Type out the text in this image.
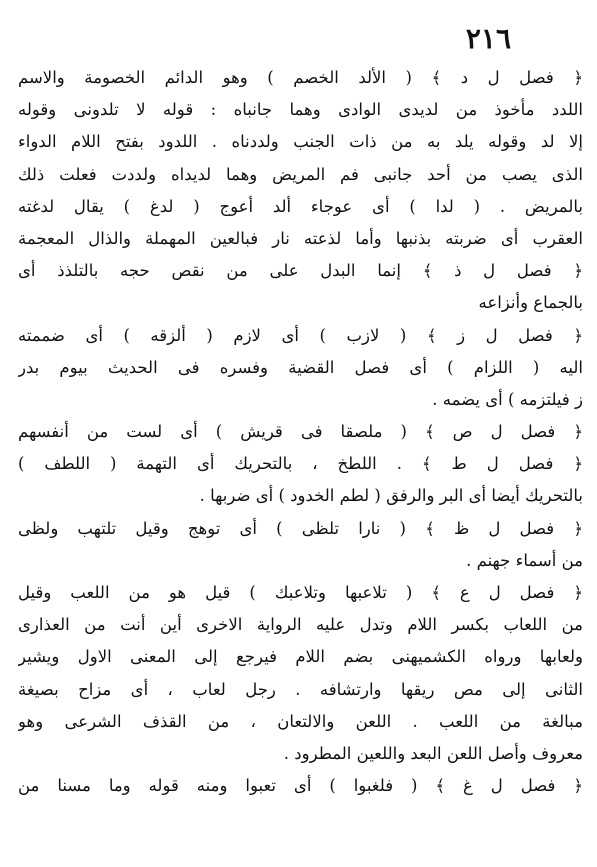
٢١٦
﴿ فصل ل د ﴾ ( الألد الخصم ) وهو الدائم الخصومة والاسم
اللدد مأخوذ من لديدى الوادى وهما جانباه : قوله لا تلدونى وقوله
إلا لد وقوله يلد به من ذات الجنب ولددناه . اللدود بفتح اللام الدواء
الذى يصب من أحد جانبى فم المريض وهما لديداه ولددت فعلت ذلك
بالمريض . ( لدا ) أى عوجاء ألد أعوج ( لدغ ) يقال لدغته
العقرب أى ضربته بذنبها وأما لذعته نار فبالعين المهملة والذال المعجمة
﴿ فصل ل ذ ﴾ إنما البدل على من نقص حجه بالتلذذ أى
بالجماع وأنزاعه
﴿ فصل ل ز ﴾ ( لازب ) أى لازم ( ألزقه ) أى ضممته
اليه ( اللزام ) أى فصل القضية وفسره فى الحديث بيوم بدر
ز فيلتزمه ) أى يضمه .
﴿ فصل ل ص ﴾ ( ملصقا فى قريش ) أى لست من أنفسهم
﴿ فصل ل ط ﴾ . اللطخ ، بالتحريك أى التهمة ( اللطف )
بالتحريك أيضا أى البر والرفق ( لطم الخدود ) أى ضربها .
﴿ فصل ل ظ ﴾ ( نارا تلظى ) أى توهج وقيل تلتهب ولظى
من أسماء جهنم .
﴿ فصل ل ع ﴾ ( تلاعبها وتلاعبك ) قيل هو من اللعب وقيل
من اللعاب بكسر اللام وتدل عليه الرواية الاخرى أين أنت من العذارى
ولعابها ورواه الكشميهنى بضم اللام فيرجع إلى المعنى الاول ويشير
الثانى إلى مص ريقها وارتشافه . رجل لعاب ، أى مزاح بصيغة
مبالغة من اللعب . اللعن والالتعان ، من القذف الشرعى وهو
معروف وأصل اللعن البعد واللعين المطرود .
﴿ فصل ل غ ﴾ ( فلغبوا ) أى تعبوا ومنه قوله وما مسنا من
